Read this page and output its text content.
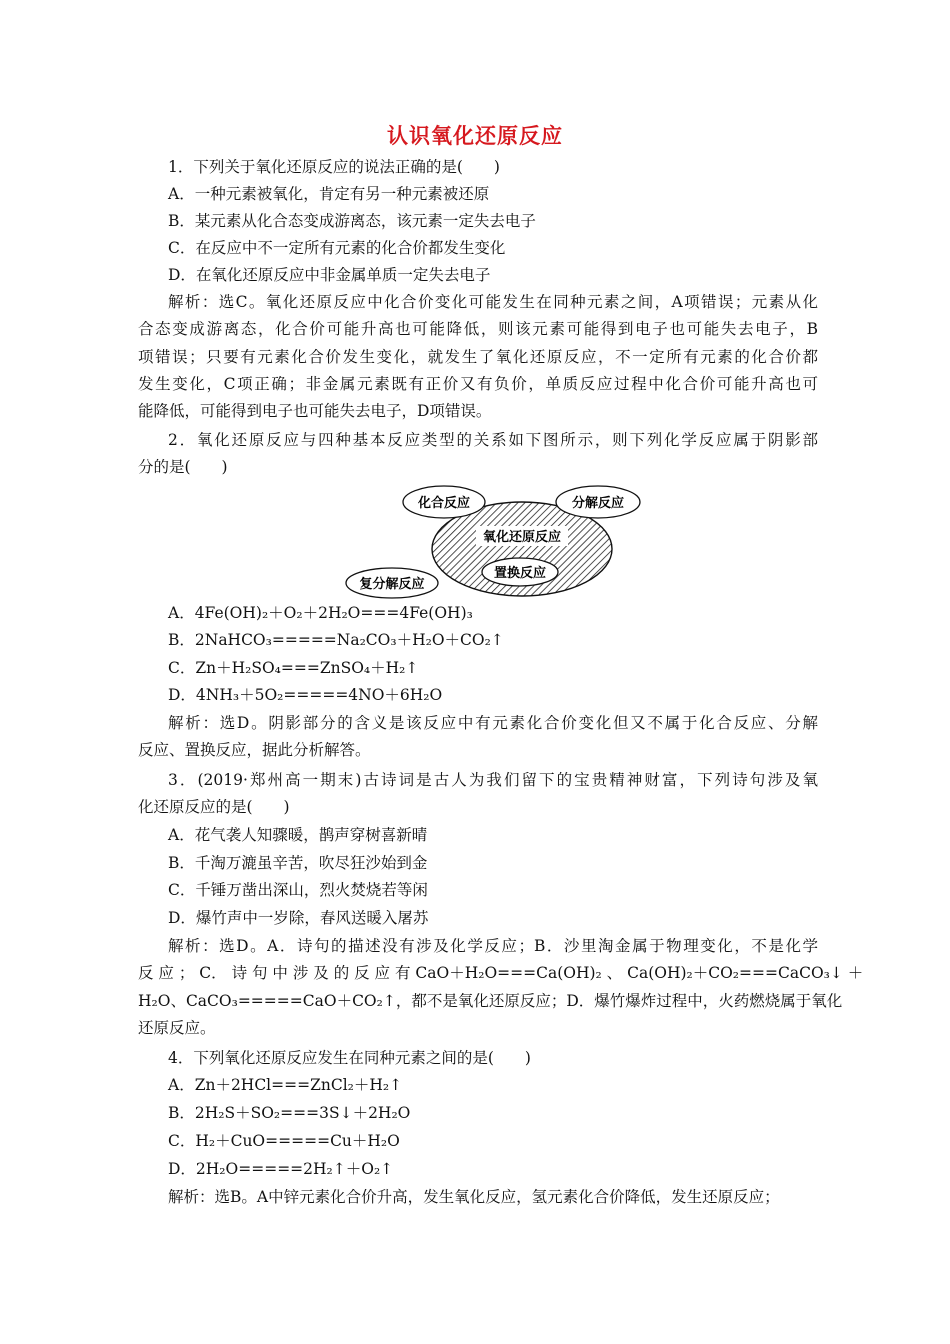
认识氧化还原反应
1．下列关于氧化还原反应的说法正确的是(　　)
A．一种元素被氧化，肯定有另一种元素被还原
B．某元素从化合态变成游离态，该元素一定失去电子
C．在反应中不一定所有元素的化合价都发生变化
D．在氧化还原反应中非金属单质一定失去电子
解析：选C。氧化还原反应中化合价变化可能发生在同种元素之间，A项错误；元素从化
合态变成游离态，化合价可能升高也可能降低，则该元素可能得到电子也可能失去电子，B
项错误；只要有元素化合价发生变化，就发生了氧化还原反应，不一定所有元素的化合价都
发生变化，C项正确；非金属元素既有正价又有负价，单质反应过程中化合价可能升高也可
能降低，可能得到电子也可能失去电子，D项错误。
2．氧化还原反应与四种基本反应类型的关系如下图所示，则下列化学反应属于阴影部
分的是(　　)
A．4Fe(OH)₂＋O₂＋2H₂O===4Fe(OH)₃
B．2NaHCO₃=====Na₂CO₃＋H₂O＋CO₂↑
C．Zn＋H₂SO₄===ZnSO₄＋H₂↑
D．4NH₃＋5O₂=====4NO＋6H₂O
解析：选D。阴影部分的含义是该反应中有元素化合价变化但又不属于化合反应、分解
反应、置换反应，据此分析解答。
3．(2019·郑州高一期末)古诗词是古人为我们留下的宝贵精神财富，下列诗句涉及氧
化还原反应的是(　　)
A．花气袭人知骤暖，鹊声穿树喜新晴
B．千淘万漉虽辛苦，吹尽狂沙始到金
C．千锤万凿出深山，烈火焚烧若等闲
D．爆竹声中一岁除，春风送暖入屠苏
解析：选D。A．诗句的描述没有涉及化学反应；B．沙里淘金属于物理变化，不是化学
反 应 ； C． 诗 句 中 涉 及 的 反 应 有 CaO＋H₂O===Ca(OH)₂ 、 Ca(OH)₂＋CO₂===CaCO₃↓ ＋
H₂O、CaCO₃=====CaO＋CO₂↑，都不是氧化还原反应；D．爆竹爆炸过程中，火药燃烧属于氧化
还原反应。
4．下列氧化还原反应发生在同种元素之间的是(　　)
A．Zn＋2HCl===ZnCl₂＋H₂↑
B．2H₂S＋SO₂===3S↓＋2H₂O
C．H₂＋CuO=====Cu＋H₂O
D．2H₂O=====2H₂↑＋O₂↑
解析：选B。A中锌元素化合价升高，发生氧化反应，氢元素化合价降低，发生还原反应；
氧化还原反应
化合反应	分解反应
复分解反应
置换反应
